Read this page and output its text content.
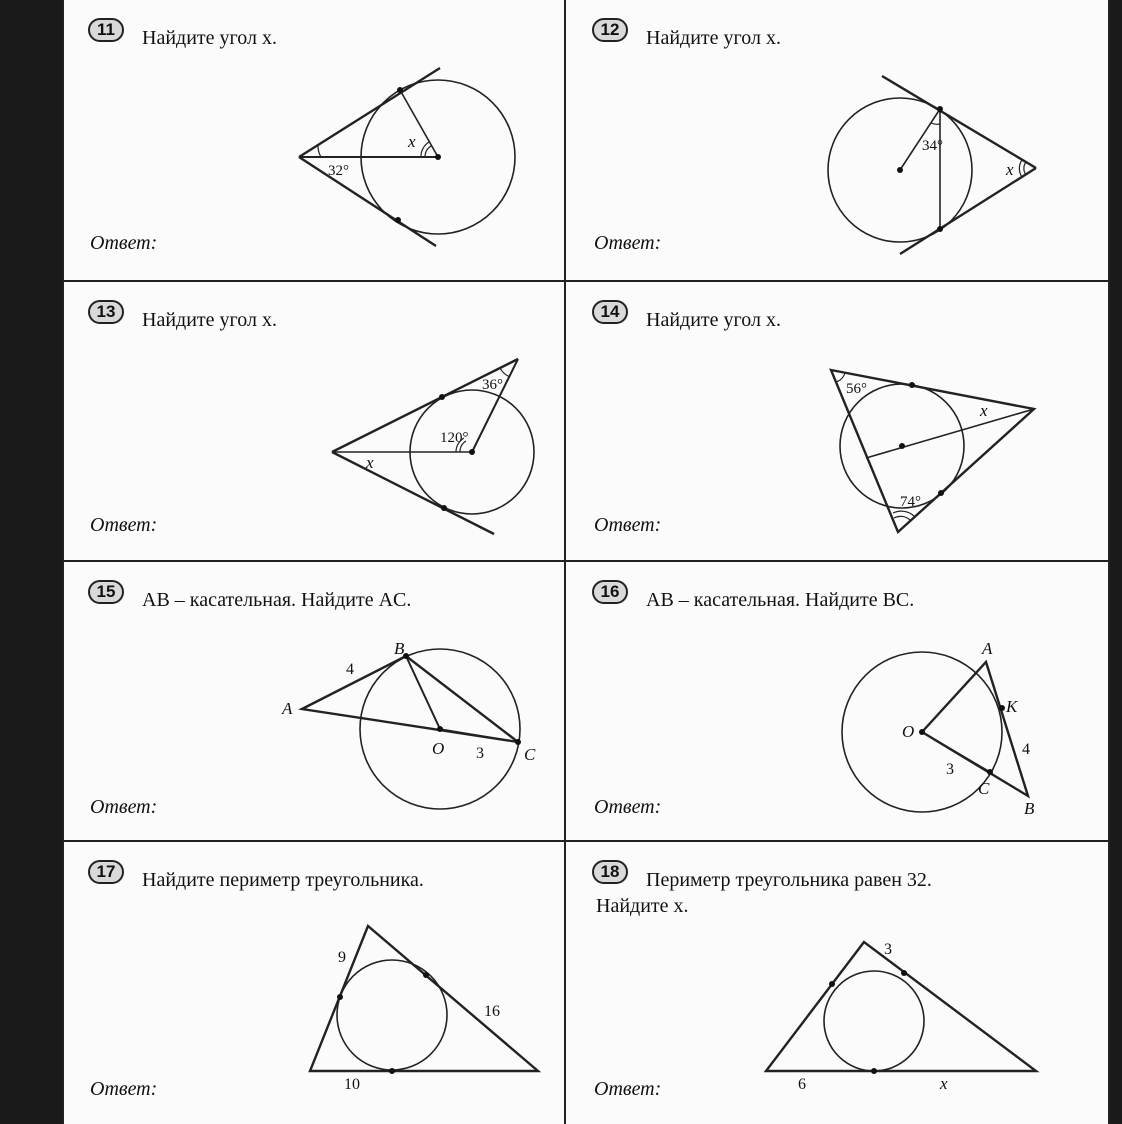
11	Найдите угол x.
Ответ:
32°
x
12	Найдите угол x.
Ответ:
34°
x
13	Найдите угол x.
Ответ:
36°
120°
x
14	Найдите угол x.
Ответ:
56°
74°
x
15	AB – касательная. Найдите AC.
Ответ:
B
A
O	C
4
3
16	AB – касательная. Найдите BC.
Ответ:
A
K
O
C
B
4
3
17	Найдите периметр треугольника.
Ответ:
9
16
10
18	Периметр треугольника равен 32.
Найдите x.
Ответ:
3
6	x
